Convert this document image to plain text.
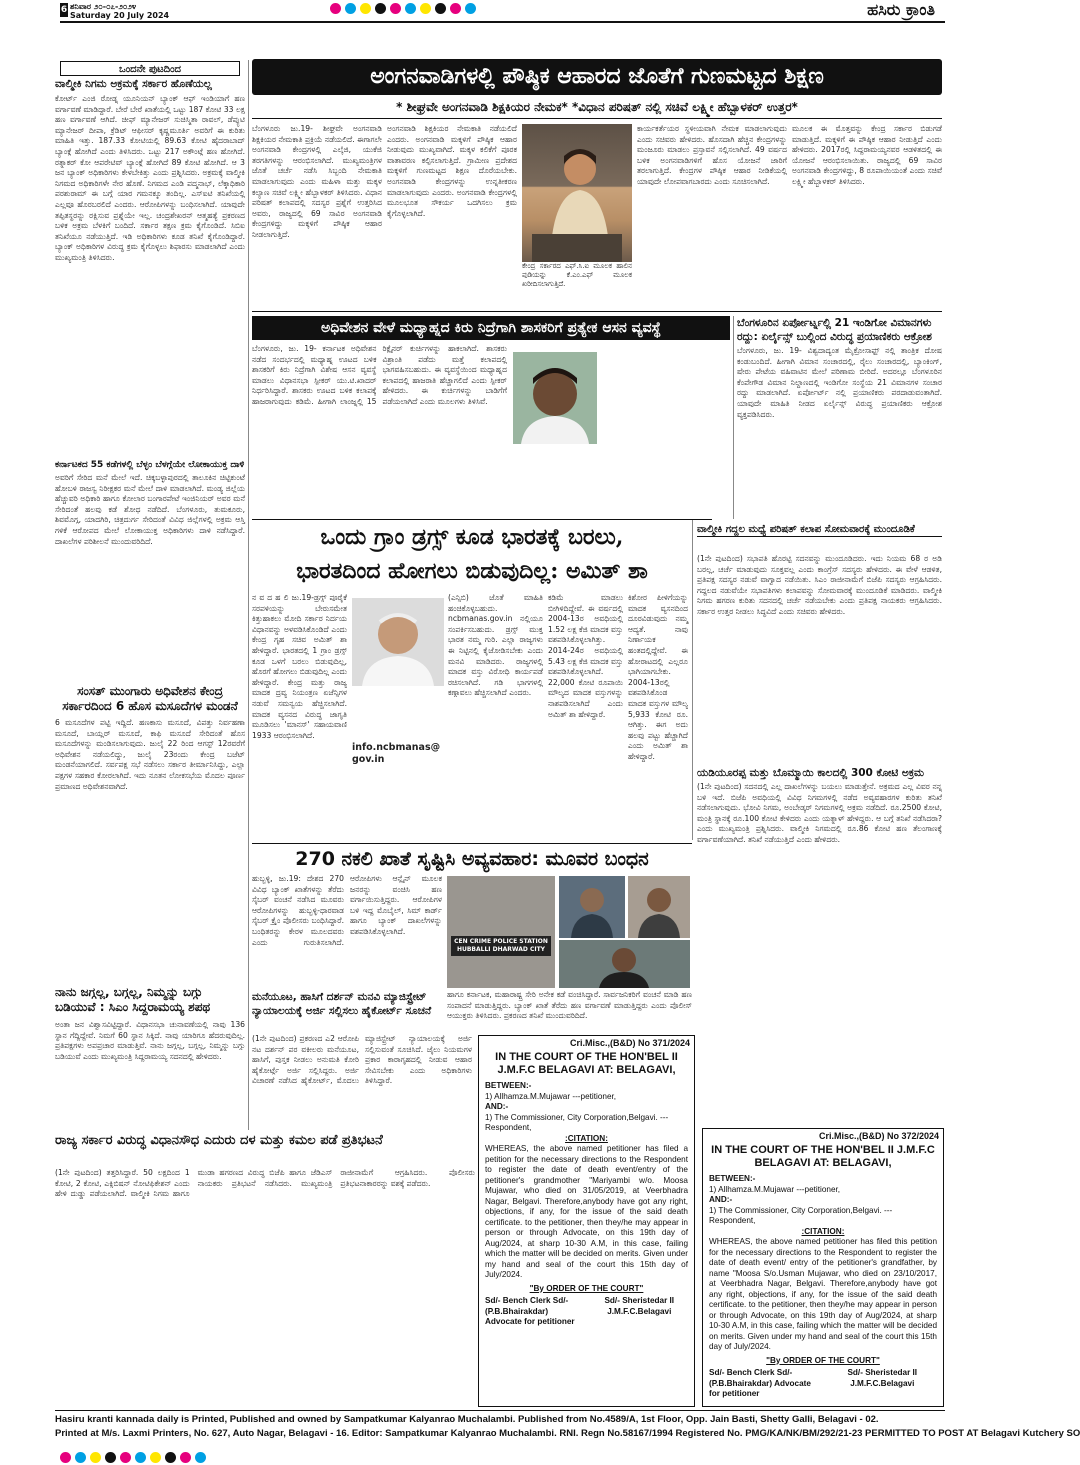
6 ಶನಿವಾರ ೨೦-೦೭-೨೦೨೪
Saturday 20 July 2024	ಹಸಿರು ಕ್ರಾಂತಿ
ಒಂದನೇ ಪುಟದಿಂದ
ವಾಲ್ಮೀಕಿ ನಿಗಮ ಅಕ್ರಮಕ್ಕೆ ಸರ್ಕಾರ ಹೊಣೆಯಲ್ಲ
ಕೋರ್ಟ್ ಎಂಜಿ ರೋಡ್ನ ಯೂನಿಯನ್ ಬ್ಯಾಂಕ್ ಆಫ್ ಇಂಡಿಯಾಗೆ ಹಣ ವರ್ಗಾವಣೆ ಮಾಡಿದ್ದಾರೆ. ಬೇರೆ ಬೇರೆ ಖಾತೆಯಲ್ಲಿ ಒಟ್ಟು 187 ಕೋಟಿ 33 ಲಕ್ಷ ಹಣ ವರ್ಗಾವಣೆ ಆಗಿದೆ. ಚೀಫ್ ಮ್ಯಾನೇಜರ್ ಸುಚಿಸ್ಮಿತಾ ರಾವಲ್, ಡೆಪ್ಯುಟಿ ಮ್ಯಾನೇಜರ್ ದೀಪಾ, ಕ್ರೆಡಿಟ್ ಆಫೀಸರ್ ಕೃಷ್ಣಮೂರ್ತಿ ಅವರಿಗೆ ಈ ಕುರಿತು ಮಾಹಿತಿ ಇತ್ತು. 187.33 ಕೋಟಿಯಲ್ಲಿ 89.63 ಕೋಟಿ ಹೈದರಾಬಾದ್ ಬ್ಯಾಂಕ್ಗೆ ಹೋಗಿದೆ ಎಂದು ತಿಳಿಸಿದರು. ಒಟ್ಟು 217 ಅಕೌಂಟ್ಗೆ ಹಣ ಹೋಗಿದೆ. ರತ್ನಾಕರ್ ಕೋ ಆಪರೇಟಿವ್ ಬ್ಯಾಂಕ್ಗೆ ಹೋಗಿದೆ 89 ಕೋಟಿ ಹೋಗಿದೆ. ಆ 3 ಜನ ಬ್ಯಾಂಕ್ ಅಧಿಕಾರಿಗಳು ಕೇಳಬೇಕಿತ್ತು ಎಂದು ಪ್ರಶ್ನಿಸಿದರು. ಅಕ್ರಮಕ್ಕೆ ವಾಲ್ಮೀಕಿ ನಿಗಮದ ಅಧಿಕಾರಿಗಳೇ ನೇರ ಹೊಣೆ. ನಿಗಮದ ಎಂಡಿ ಪದ್ಮನಾಭ್, ಲೆಕ್ಕಾಧಿಕಾರಿ ಪರಶುರಾಮ್ ಈ ಬಗ್ಗೆ ಯಾರ ಗಮನಕ್ಕೂ ತಂದಿಲ್ಲ. ಎಸ್ಐಟಿ ತನಿಖೆಯಲ್ಲಿ ಎಲ್ಲವೂ ಹೊರಬರಲಿದೆ ಎಂದರು. ಆರೋಪಿಗಳನ್ನು ಬಂಧಿಸಲಾಗಿದೆ. ಯಾವುದೇ ತಪ್ಪಿತಸ್ಥರನ್ನು ರಕ್ಷಿಸುವ ಪ್ರಶ್ನೆಯೇ ಇಲ್ಲ. ಚಂದ್ರಶೇಖರನ್ ಆತ್ಮಹತ್ಯೆ ಪ್ರಕರಣದ ಬಳಿಕ ಅಕ್ರಮ ಬೆಳಕಿಗೆ ಬಂದಿದೆ. ಸರ್ಕಾರ ತಕ್ಷಣ ಕ್ರಮ ಕೈಗೊಂಡಿದೆ. ಸಿಬಿಐ ತನಿಖೆಯೂ ನಡೆಯುತ್ತಿದೆ. ಇಡಿ ಅಧಿಕಾರಿಗಳು ಕೂಡ ತನಿಖೆ ಕೈಗೊಂಡಿದ್ದಾರೆ. ಬ್ಯಾಂಕ್ ಅಧಿಕಾರಿಗಳ ವಿರುದ್ಧ ಕ್ರಮ ಕೈಗೊಳ್ಳಲು ಶಿಫಾರಸು ಮಾಡಲಾಗಿದೆ ಎಂದು ಮುಖ್ಯಮಂತ್ರಿ ತಿಳಿಸಿದರು.
ಕರ್ನಾಟಕದ 55 ಕಡೆಗಳಲ್ಲಿ ಬೆಳ್ಳಂ ಬೆಳಗ್ಗೆಯೇ ಲೋಕಾಯುಕ್ತ ದಾಳಿ
ಅವರಿಗೆ ಸೇರಿದ ಮನೆ ಮೇಲೆ ಇದೆ. ಚಿಕ್ಕಬಳ್ಳಾಪುರದಲ್ಲಿ ತಾಲೂಕಿನ ಚಿಟ್ಟಿಕುಂಟೆ ಹೋಬಳಿ ರಾಜಸ್ವ ನಿರೀಕ್ಷಕರ ಮನೆ ಮೇಲೆ ದಾಳಿ ಮಾಡಲಾಗಿದೆ. ಮಂಡ್ಯ ಜಿಲ್ಲೆಯ ಹೆಚ್ಚುವರಿ ಅಧಿಕಾರಿ ಹಾಗೂ ಕೋಲಾರ ಬಂಗಾರಪೇಟೆ ಇಂಜಿನಿಯರ್ ಅವರ ಮನೆ ಸೇರಿದಂತೆ ಹಲವು ಕಡೆ ಶೋಧ ನಡೆದಿದೆ. ಬೆಂಗಳೂರು, ತುಮಕೂರು, ಶಿವಮೊಗ್ಗ, ಯಾದಗಿರಿ, ಚಿತ್ರದುರ್ಗ ಸೇರಿದಂತೆ ವಿವಿಧ ಜಿಲ್ಲೆಗಳಲ್ಲಿ ಅಕ್ರಮ ಆಸ್ತಿ ಗಳಿಕೆ ಆರೋಪದ ಮೇಲೆ ಲೋಕಾಯುಕ್ತ ಅಧಿಕಾರಿಗಳು ದಾಳಿ ನಡೆಸಿದ್ದಾರೆ. ದಾಖಲೆಗಳ ಪರಿಶೀಲನೆ ಮುಂದುವರಿದಿದೆ.
ಸಂಸತ್ ಮುಂಗಾರು ಅಧಿವೇಶನ ಕೇಂದ್ರ ಸರ್ಕಾರದಿಂದ 6 ಹೊಸ ಮಸೂದೆಗಳ ಮಂಡನೆ
6 ಮಸೂದೆಗಳ ಪಟ್ಟಿ ಇದ್ದಿದೆ. ಹಣಕಾಸು ಮಸೂದೆ, ವಿಪತ್ತು ನಿರ್ವಹಣಾ ಮಸೂದೆ, ಬಾಯ್ಲರ್ ಮಸೂದೆ, ಕಾಫಿ ಮಸೂದೆ ಸೇರಿದಂತೆ ಹೊಸ ಮಸೂದೆಗಳನ್ನು ಮಂಡಿಸಲಾಗುವುದು. ಜುಲೈ 22 ರಿಂದ ಆಗಸ್ಟ್ 12ರವರೆಗೆ ಅಧಿವೇಶನ ನಡೆಯಲಿದ್ದು, ಜುಲೈ 23ರಂದು ಕೇಂದ್ರ ಬಜೆಟ್ ಮಂಡನೆಯಾಗಲಿದೆ. ಸರ್ವಪಕ್ಷ ಸಭೆ ನಡೆಸಲು ಸರ್ಕಾರ ತೀರ್ಮಾನಿಸಿದ್ದು, ಎಲ್ಲಾ ಪಕ್ಷಗಳ ಸಹಕಾರ ಕೋರಲಾಗಿದೆ. ಇದು ನೂತನ ಲೋಕಸಭೆಯ ಮೊದಲ ಪೂರ್ಣ ಪ್ರಮಾಣದ ಅಧಿವೇಶನವಾಗಿದೆ.
ನಾನು ಜಗ್ಗಲ್ಲ, ಬಗ್ಗಲ್ಲ, ನಿಮ್ಮನ್ನು ಬಗ್ಗು ಬಡಿಯುವೆ : ಸಿಎಂ ಸಿದ್ದರಾಮಯ್ಯ ಶಪಥ
ಅಂತಾ ಜನ ವಿಶ್ವಾಸವಿಟ್ಟಿದ್ದಾರೆ. ವಿಧಾನಸಭಾ ಚುನಾವಣೆಯಲ್ಲಿ ನಾವು 136 ಸ್ಥಾನ ಗೆದ್ದಿದ್ದೇವೆ. ನಿಮಗೆ 60 ಸ್ಥಾನ ಸಿಕ್ಕಿದೆ. ನಾವು ಯಾರಿಗೂ ಹೆದರುವುದಿಲ್ಲ. ಪ್ರತಿಪಕ್ಷಗಳು ಅಪಪ್ರಚಾರ ಮಾಡುತ್ತಿವೆ. ನಾನು ಜಗ್ಗಲ್ಲ, ಬಗ್ಗಲ್ಲ, ನಿಮ್ಮನ್ನು ಬಗ್ಗು ಬಡಿಯುವೆ ಎಂದು ಮುಖ್ಯಮಂತ್ರಿ ಸಿದ್ದರಾಮಯ್ಯ ಸದನದಲ್ಲಿ ಹೇಳಿದರು.
ರಾಜ್ಯ ಸರ್ಕಾರ ವಿರುದ್ಧ ವಿಧಾನಸೌಧ ಎದುರು ದಳ ಮತ್ತು ಕಮಲ ಪಡೆ ಪ್ರತಿಭಟನೆ
(1ನೇ ಪುಟದಿಂದ) ತತ್ತರಿಸಿದ್ದಾರೆ. 50 ಲಕ್ಷದಿಂದ 1 ಕೋಟಿ, 2 ಕೋಟಿ, ಎಕ್ಸಿಬಿಷನ್ ನೋಟಿಫಿಕೇಶನ್ ಎಂದು ಹೇಳಿ ದುಡ್ಡು ಪಡೆಯಲಾಗಿದೆ. ವಾಲ್ಮೀಕಿ ನಿಗಮ ಹಾಗೂ ಮುಡಾ ಹಗರಣದ ವಿರುದ್ಧ ಬಿಜೆಪಿ ಹಾಗೂ ಜೆಡಿಎಸ್ ನಾಯಕರು ಪ್ರತಿಭಟನೆ ನಡೆಸಿದರು. ಮುಖ್ಯಮಂತ್ರಿ ರಾಜೀನಾಮೆಗೆ ಆಗ್ರಹಿಸಿದರು. ಪೊಲೀಸರು ಪ್ರತಿಭಟನಾಕಾರರನ್ನು ವಶಕ್ಕೆ ಪಡೆದರು.
ಅಂಗನವಾಡಿಗಳಲ್ಲಿ ಪೌಷ್ಠಿಕ ಆಹಾರದ ಜೊತೆಗೆ ಗುಣಮಟ್ಟದ ಶಿಕ್ಷಣ
* ಶೀಘ್ರವೇ ಅಂಗನವಾಡಿ ಶಿಕ್ಷಕಿಯರ ನೇಮಕ* *ವಿಧಾನ ಪರಿಷತ್ ನಲ್ಲಿ ಸಚಿವೆ ಲಕ್ಷ್ಮೀ ಹೆಬ್ಬಾಳಕರ್ ಉತ್ತರ*
ಬೆಂಗಳೂರು ಜು.19- ಶೀಘ್ರವೇ ಅಂಗನವಾಡಿ ಶಿಕ್ಷಕಿಯರ ನೇಮಕಾತಿ ಪ್ರಕ್ರಿಯೆ ನಡೆಯಲಿದೆ. ಈಗಾಗಲೇ ಅಂಗನವಾಡಿ ಕೇಂದ್ರಗಳಲ್ಲಿ ಎಲ್ಕೆಜಿ, ಯುಕೆಜಿ ತರಗತಿಗಳನ್ನು ಆರಂಭಿಸಲಾಗಿದೆ. ಮುಖ್ಯಮಂತ್ರಿಗಳ ಜೊತೆ ಚರ್ಚೆ ನಡೆಸಿ ಸಿಬ್ಬಂದಿ ನೇಮಕಾತಿ ಮಾಡಲಾಗುವುದು ಎಂದು ಮಹಿಳಾ ಮತ್ತು ಮಕ್ಕಳ ಕಲ್ಯಾಣ ಸಚಿವೆ ಲಕ್ಷ್ಮೀ ಹೆಬ್ಬಾಳಕರ್ ತಿಳಿಸಿದರು. ವಿಧಾನ ಪರಿಷತ್ ಕಲಾಪದಲ್ಲಿ ಸದಸ್ಯರ ಪ್ರಶ್ನೆಗೆ ಉತ್ತರಿಸಿದ ಅವರು, ರಾಜ್ಯದಲ್ಲಿ 69 ಸಾವಿರ ಅಂಗನವಾಡಿ ಕೇಂದ್ರಗಳಿದ್ದು ಮಕ್ಕಳಿಗೆ ಪೌಷ್ಠಿಕ ಆಹಾರ ನೀಡಲಾಗುತ್ತಿದೆ.
ಅಂಗನವಾಡಿ ಶಿಕ್ಷಕಿಯರ ನೇಮಕಾತಿ ನಡೆಯಲಿದೆ ಎಂದರು. ಅಂಗನವಾಡಿ ಮಕ್ಕಳಿಗೆ ಪೌಷ್ಠಿಕ ಆಹಾರ ನೀಡುವುದು ಮುಖ್ಯವಾಗಿದೆ. ಮಕ್ಕಳ ಕಲಿಕೆಗೆ ಪೂರಕ ವಾತಾವರಣ ಕಲ್ಪಿಸಲಾಗುತ್ತಿದೆ. ಗ್ರಾಮೀಣ ಪ್ರದೇಶದ ಮಕ್ಕಳಿಗೆ ಗುಣಮಟ್ಟದ ಶಿಕ್ಷಣ ದೊರೆಯಬೇಕು. ಅಂಗನವಾಡಿ ಕೇಂದ್ರಗಳನ್ನು ಉನ್ನತೀಕರಣ ಮಾಡಲಾಗುವುದು ಎಂದರು. ಅಂಗನವಾಡಿ ಕೇಂದ್ರಗಳಲ್ಲಿ ಮೂಲಭೂತ ಸೌಕರ್ಯ ಒದಗಿಸಲು ಕ್ರಮ ಕೈಗೊಳ್ಳಲಾಗಿದೆ.
ಕೇಂದ್ರ ಸರ್ಕಾರದ ಎಫ್.ಸಿ.ಐ ಮೂಲಕ ಹಾಲಿನ ಪುಡಿಯನ್ನು ಕೆ.ಎಂ.ಎಫ್ ಮೂಲಕ ಖರೀದಿಸಲಾಗುತ್ತಿದೆ.
ಕಾರ್ಯಕರ್ತೆಯರ ಸ್ಥಳೀಯವಾಗಿ ನೇಮಕ ಮಾಡಲಾಗುವುದು ಎಂದು ಸಚಿವರು ಹೇಳಿದರು. ಹೊಸದಾಗಿ ಹೆಚ್ಚಿನ ಕೇಂದ್ರಗಳನ್ನು ಮಂಜೂರು ಮಾಡಲು ಪ್ರಸ್ತಾವನೆ ಸಲ್ಲಿಸಲಾಗಿದೆ. 49 ವರ್ಷದ ಬಳಿಕ ಅಂಗನವಾಡಿಗಳಿಗೆ ಹೊಸ ಯೋಜನೆ ಜಾರಿಗೆ ತರಲಾಗುತ್ತಿದೆ. ಕೇಂದ್ರಗಳ ಪೌಷ್ಠಿಕ ಆಹಾರ ನೀಡಿಕೆಯಲ್ಲಿ ಯಾವುದೇ ಲೋಪವಾಗಬಾರದು ಎಂದು ಸೂಚಿಸಲಾಗಿದೆ.
ಮೂಲಕ ಈ ಮೊತ್ತವನ್ನು ಕೇಂದ್ರ ಸರ್ಕಾರ ಬಿಡುಗಡೆ ಮಾಡುತ್ತಿದೆ. ಮಕ್ಕಳಿಗೆ ಈ ಪೌಷ್ಠಿಕ ಆಹಾರ ನೀಡುತ್ತಿದೆ ಎಂದು ಹೇಳಿದರು. 2017ರಲ್ಲಿ ಸಿದ್ದರಾಮಯ್ಯನವರ ಆಡಳಿತದಲ್ಲಿ ಈ ಯೋಜನೆ ಆರಂಭಿಸಲಾಯಿತು. ರಾಜ್ಯದಲ್ಲಿ 69 ಸಾವಿರ ಅಂಗನವಾಡಿ ಕೇಂದ್ರಗಳಿದ್ದು, 8 ರೂಪಾಯಿಯಂತೆ ಎಂದು ಸಚಿವೆ ಲಕ್ಷ್ಮೀ ಹೆಬ್ಬಾಳಕರ್ ತಿಳಿಸಿದರು.
ಅಧಿವೇಶನ ವೇಳೆ ಮಧ್ಯಾಹ್ನದ ಕಿರು ನಿದ್ರೆಗಾಗಿ ಶಾಸಕರಿಗೆ ಪ್ರತ್ಯೇಕ ಆಸನ ವ್ಯವಸ್ಥೆ
ಬೆಂಗಳೂರು, ಜು. 19- ಕರ್ನಾಟಕ ಅಧಿವೇಶನ ನಡೆದ ಸಂದರ್ಭದಲ್ಲಿ ಮಧ್ಯಾಹ್ನ ಊಟದ ಬಳಿಕ ಶಾಸಕರಿಗೆ ಕಿರು ನಿದ್ರೆಗಾಗಿ ವಿಶೇಷ ಆಸನ ವ್ಯವಸ್ಥೆ ಮಾಡಲು ವಿಧಾನಸಭಾ ಸ್ಪೀಕರ್ ಯು.ಟಿ.ಖಾದರ್ ನಿರ್ಧರಿಸಿದ್ದಾರೆ. ಶಾಸಕರು ಊಟದ ಬಳಿಕ ಕಲಾಪಕ್ಕೆ ಹಾಜರಾಗುವುದು ಕಡಿಮೆ. ಹೀಗಾಗಿ ಲಾಂಜ್ನಲ್ಲಿ 15 ರಿಕ್ಲೈನರ್ ಕುರ್ಚಿಗಳನ್ನು ಹಾಕಲಾಗಿದೆ. ಶಾಸಕರು ವಿಶ್ರಾಂತಿ ಪಡೆದು ಮತ್ತೆ ಕಲಾಪದಲ್ಲಿ ಭಾಗವಹಿಸಬಹುದು. ಈ ವ್ಯವಸ್ಥೆಯಿಂದ ಮಧ್ಯಾಹ್ನದ ಕಲಾಪದಲ್ಲಿ ಹಾಜರಾತಿ ಹೆಚ್ಚಾಗಲಿದೆ ಎಂದು ಸ್ಪೀಕರ್ ಹೇಳಿದರು. ಈ ಕುರ್ಚಿಗಳನ್ನು ಬಾಡಿಗೆಗೆ ಪಡೆಯಲಾಗಿದೆ ಎಂದು ಮೂಲಗಳು ತಿಳಿಸಿವೆ.
ಬೆಂಗಳೂರಿನ ಏರ್ಪೋರ್ಟ್ನಲ್ಲಿ 21 ಇಂಡಿಗೋ ವಿಮಾನಗಳು ರದ್ದು: ಏರ್ಲೈನ್ಸ್ ಬುಲ್ಲಿಂದ ವಿರುದ್ಧ ಪ್ರಯಾಣಿಕರು ಆಕ್ರೋಶ
ಬೆಂಗಳೂರು, ಜು. 19- ವಿಶ್ವದಾದ್ಯಂತ ಮೈಕ್ರೋಸಾಫ್ಟ್ ನಲ್ಲಿ ತಾಂತ್ರಿಕ ದೋಷ ಕಂಡುಬಂದಿದೆ. ಹೀಗಾಗಿ ವಿಮಾನ ಸಂಚಾರದಲ್ಲಿ, ರೈಲು ಸಂಚಾರದಲ್ಲಿ, ಬ್ಯಾಂಕಿಂಗ್, ಷೇರು ಪೇಟೆಯ ವಹಿವಾಟಿನ ಮೇಲೆ ಪರಿಣಾಮ ಬೀರಿದೆ. ಅದರಲ್ಲೂ ಬೆಂಗಳೂರಿನ ಕೆಂಪೇಗೌಡ ವಿಮಾನ ನಿಲ್ದಾಣದಲ್ಲಿ ಇಂಡಿಗೋ ಸಂಸ್ಥೆಯ 21 ವಿಮಾನಗಳ ಸಂಚಾರ ರದ್ದು ಮಾಡಲಾಗಿದೆ. ಏರ್ಪೋರ್ಟ್ ನಲ್ಲಿ ಪ್ರಯಾಣಿಕರು ಪರದಾಡುವಂತಾಗಿದೆ. ಯಾವುದೇ ಮಾಹಿತಿ ನೀಡದ ಏರ್ಲೈನ್ಸ್ ವಿರುದ್ಧ ಪ್ರಯಾಣಿಕರು ಆಕ್ರೋಶ ವ್ಯಕ್ತಪಡಿಸಿದರು.
ಒಂದು ಗ್ರಾಂ ಡ್ರಗ್ಸ್ ಕೂಡ ಭಾರತಕ್ಕೆ ಬರಲು,
ಭಾರತದಿಂದ ಹೋಗಲು ಬಿಡುವುದಿಲ್ಲ: ಅಮಿತ್ ಶಾ
ನ ವ ದ ಹ ಲಿ ಜು.19-ಡ್ರಗ್ಸ್ ಪೂರೈಕೆ ಸರಪಳಿಯನ್ನು ಬೇರುಸಮೇತ ಕಿತ್ತುಹಾಕಲು ಮೋದಿ ಸರ್ಕಾರ ನಿರ್ದಯ ವಿಧಾನವನ್ನು ಅಳವಡಿಸಿಕೊಂಡಿದೆ ಎಂದು ಕೇಂದ್ರ ಗೃಹ ಸಚಿವ ಅಮಿತ್ ಶಾ ಹೇಳಿದ್ದಾರೆ. ಭಾರತದಲ್ಲಿ 1 ಗ್ರಾಂ ಡ್ರಗ್ಸ್ ಕೂಡ ಒಳಗೆ ಬರಲು ಬಿಡುವುದಿಲ್ಲ, ಹೊರಗೆ ಹೋಗಲು ಬಿಡುವುದಿಲ್ಲ ಎಂದು ಹೇಳಿದ್ದಾರೆ. ಕೇಂದ್ರ ಮತ್ತು ರಾಜ್ಯ ಮಾದಕ ದ್ರವ್ಯ ನಿಯಂತ್ರಣ ಏಜೆನ್ಸಿಗಳ ನಡುವೆ ಸಮನ್ವಯ ಹೆಚ್ಚಿಸಲಾಗಿದೆ. ಮಾದಕ ವ್ಯಸನದ ವಿರುದ್ಧ ಜಾಗೃತಿ ಮೂಡಿಸಲು 'ಮಾನಸ್' ಸಹಾಯವಾಣಿ 1933 ಆರಂಭಿಸಲಾಗಿದೆ.
info.ncbmanas@gov.in
(ಎನ್ಸಿಬಿ) ಜೊತೆ ಮಾಹಿತಿ ಹಂಚಿಕೊಳ್ಳಬಹುದು. ncbmanas.gov.in ನಲ್ಲಿಯೂ ಸಂಪರ್ಕಿಸಬಹುದು. ಡ್ರಗ್ಸ್ ಮುಕ್ತ ಭಾರತ ನಮ್ಮ ಗುರಿ. ಎಲ್ಲಾ ರಾಜ್ಯಗಳು ಈ ನಿಟ್ಟಿನಲ್ಲಿ ಕೈಜೋಡಿಸಬೇಕು ಎಂದು ಮನವಿ ಮಾಡಿದರು. ರಾಜ್ಯಗಳಲ್ಲಿ ಮಾದಕ ವಸ್ತು ವಿರೋಧಿ ಕಾರ್ಯಪಡೆ ರಚಿಸಲಾಗಿದೆ. ಗಡಿ ಭಾಗಗಳಲ್ಲಿ ಕಣ್ಗಾವಲು ಹೆಚ್ಚಿಸಲಾಗಿದೆ ಎಂದರು.
ಕಡಿಮೆ ಮಾಡಲು ಬೀಗಿಳಿದಿದ್ದೇವೆ. ಈ ವರ್ಷದಲ್ಲಿ 2004-13ರ ಅವಧಿಯಲ್ಲಿ 1.52 ಲಕ್ಷ ಕೆಜಿ ಮಾದಕ ವಸ್ತು ವಶಪಡಿಸಿಕೊಳ್ಳಲಾಗಿತ್ತು. 2014-24ರ ಅವಧಿಯಲ್ಲಿ 5.43 ಲಕ್ಷ ಕೆಜಿ ಮಾದಕ ವಸ್ತು ವಶಪಡಿಸಿಕೊಳ್ಳಲಾಗಿದೆ. 22,000 ಕೋಟಿ ರೂಪಾಯಿ ಮೌಲ್ಯದ ಮಾದಕ ವಸ್ತುಗಳನ್ನು ನಾಶಪಡಿಸಲಾಗಿದೆ ಎಂದು ಅಮಿತ್ ಶಾ ಹೇಳಿದ್ದಾರೆ.
ಕಿಶೋರ ಪೀಳಿಗೆಯನ್ನು ಮಾದಕ ವ್ಯಸನದಿಂದ ದೂರವಿಡುವುದು ನಮ್ಮ ಆದ್ಯತೆ. ನಾವು ನಿರ್ಣಾಯಕ ಹಂತದಲ್ಲಿದ್ದೇವೆ. ಈ ಹೋರಾಟದಲ್ಲಿ ಎಲ್ಲರೂ ಭಾಗಿಯಾಗಬೇಕು. 2004-13ರಲ್ಲಿ ವಶಪಡಿಸಿಕೊಂಡ ಮಾದಕ ವಸ್ತುಗಳ ಮೌಲ್ಯ 5,933 ಕೋಟಿ ರೂ. ಆಗಿತ್ತು. ಈಗ ಅದು ಹಲವು ಪಟ್ಟು ಹೆಚ್ಚಾಗಿದೆ ಎಂದು ಅಮಿತ್ ಶಾ ಹೇಳಿದ್ದಾರೆ.
ವಾಲ್ಮೀಕಿ ಗದ್ದಲ ಮಧ್ಯೆ ಪರಿಷತ್ ಕಲಾಪ ಸೋಮವಾರಕ್ಕೆ ಮುಂದೂಡಿಕೆ
(1ನೇ ಪುಟದಿಂದ) ಸಭಾಪತಿ ಹೊರಟ್ಟಿ ಸದನವನ್ನು ಮುಂದೂಡಿದರು. ಇದು ನಿಯಮ 68 ರ ಅಡಿ ಬರಲ್ಲ, ಚರ್ಚೆ ಮಾಡುವುದು ಸೂಕ್ತವಲ್ಲ ಎಂದು ಕಾಂಗ್ರೆಸ್ ಸದಸ್ಯರು ಹೇಳಿದರು. ಈ ವೇಳೆ ಆಡಳಿತ, ಪ್ರತಿಪಕ್ಷ ಸದಸ್ಯರ ನಡುವೆ ವಾಗ್ವಾದ ನಡೆಯಿತು. ಸಿಎಂ ರಾಜೀನಾಮೆಗೆ ಬಿಜೆಪಿ ಸದಸ್ಯರು ಆಗ್ರಹಿಸಿದರು. ಗದ್ದಲದ ನಡುವೆಯೇ ಸಭಾಪತಿಗಳು ಕಲಾಪವನ್ನು ಸೋಮವಾರಕ್ಕೆ ಮುಂದೂಡಿಕೆ ಮಾಡಿದರು. ವಾಲ್ಮೀಕಿ ನಿಗಮ ಹಗರಣ ಕುರಿತು ಸದನದಲ್ಲಿ ಚರ್ಚೆ ನಡೆಯಬೇಕು ಎಂದು ಪ್ರತಿಪಕ್ಷ ನಾಯಕರು ಆಗ್ರಹಿಸಿದರು. ಸರ್ಕಾರ ಉತ್ತರ ನೀಡಲು ಸಿದ್ಧವಿದೆ ಎಂದು ಸಚಿವರು ಹೇಳಿದರು.
ಯಡಿಯೂರಪ್ಪ ಮತ್ತು ಬೊಮ್ಮಾಯಿ ಕಾಲದಲ್ಲಿ 300 ಕೋಟಿ ಅಕ್ರಮ
(1ನೇ ಪುಟದಿಂದ) ಸದನದಲ್ಲಿ ಎಲ್ಲ ದಾಖಲೆಗಳನ್ನು ಬಯಲು ಮಾಡುತ್ತೇನೆ. ಅಕ್ರಮದ ಎಲ್ಲ ವಿವರ ನನ್ನ ಬಳಿ ಇದೆ. ಬಿಜೆಪಿ ಅವಧಿಯಲ್ಲಿ ವಿವಿಧ ನಿಗಮಗಳಲ್ಲಿ ನಡೆದ ಅವ್ಯವಹಾರಗಳ ಕುರಿತು ತನಿಖೆ ನಡೆಸಲಾಗುವುದು. ಭೋವಿ ನಿಗಮ, ಅಂಬೇಡ್ಕರ್ ನಿಗಮಗಳಲ್ಲಿ ಅಕ್ರಮ ನಡೆದಿದೆ. ರೂ.2500 ಕೋಟಿ, ಮಂತ್ರಿ ಸ್ಥಾನಕ್ಕೆ ರೂ.100 ಕೋಟಿ ಕೇಳಿದರು ಎಂದು ಯತ್ನಾಳ್ ಹೇಳಿದ್ದರು. ಆ ಬಗ್ಗೆ ತನಿಖೆ ನಡೆಸಿದರಾ? ಎಂದು ಮುಖ್ಯಮಂತ್ರಿ ಪ್ರಶ್ನಿಸಿದರು. ವಾಲ್ಮೀಕಿ ನಿಗಮದಲ್ಲಿ ರೂ.86 ಕೋಟಿ ಹಣ ತೆಲಂಗಾಣಕ್ಕೆ ವರ್ಗಾವಣೆಯಾಗಿದೆ. ತನಿಖೆ ನಡೆಯುತ್ತಿದೆ ಎಂದು ಹೇಳಿದರು.
270 ನಕಲಿ ಖಾತೆ ಸೃಷ್ಟಿಸಿ ಅವ್ಯವಹಾರ: ಮೂವರ ಬಂಧನ
ಹುಬ್ಬಳ್ಳಿ, ಜು.19: ದೇಶದ 270 ವಿವಿಧ ಬ್ಯಾಂಕ್ ಖಾತೆಗಳನ್ನು ತೆರೆದು ಸೈಬರ್ ವಂಚನೆ ನಡೆಸಿದ ಮೂವರು ಆರೋಪಿಗಳನ್ನು ಹುಬ್ಬಳ್ಳಿ-ಧಾರವಾಡ ಸೈಬರ್ ಕ್ರೈಂ ಪೊಲೀಸರು ಬಂಧಿಸಿದ್ದಾರೆ. ಬಂಧಿತರನ್ನು ಕೇರಳ ಮೂಲದವರು ಎಂದು ಗುರುತಿಸಲಾಗಿದೆ. ಆರೋಪಿಗಳು ಆನ್ಲೈನ್ ಮೂಲಕ ಜನರನ್ನು ವಂಚಿಸಿ ಹಣ ವರ್ಗಾಯಿಸುತ್ತಿದ್ದರು. ಆರೋಪಿಗಳ ಬಳಿ ಇದ್ದ ಮೊಬೈಲ್, ಸಿಮ್ ಕಾರ್ಡ್ ಹಾಗೂ ಬ್ಯಾಂಕ್ ದಾಖಲೆಗಳನ್ನು ವಶಪಡಿಸಿಕೊಳ್ಳಲಾಗಿದೆ.
CEN CRIME POLICE STATION HUBBALLI DHARWAD CITY
ಹಾಗೂ ಕರ್ನಾಟಕ, ಮಹಾರಾಷ್ಟ್ರ ಸೇರಿ ಅನೇಕ ಕಡೆ ವಂಚಿಸಿದ್ದಾರೆ. ಸಾರ್ವಜನಿಕರಿಗೆ ವಂಚನೆ ಮಾಡಿ ಹಣ ಸಂಪಾದನೆ ಮಾಡುತ್ತಿದ್ದರು. ಬ್ಯಾಂಕ್ ಖಾತೆ ತೆರೆದು ಹಣ ವರ್ಗಾವಣೆ ಮಾಡುತ್ತಿದ್ದರು ಎಂದು ಪೊಲೀಸ್ ಆಯುಕ್ತರು ತಿಳಿಸಿದರು. ಪ್ರಕರಣದ ತನಿಖೆ ಮುಂದುವರಿದಿದೆ.
ಮನೆಯೂಟ, ಹಾಸಿಗೆ ದರ್ಶನ್ ಮನವಿ ಮ್ಯಾಜಿಸ್ಟ್ರೇಟ್ ನ್ಯಾಯಾಲಯಕ್ಕೆ ಅರ್ಜಿ ಸಲ್ಲಿಸಲು ಹೈಕೋರ್ಟ್ ಸೂಚನೆ
(1ನೇ ಪುಟದಿಂದ) ಪ್ರಕರಣದ ಎ2 ಆರೋಪಿ ನಟ ದರ್ಶನ್ ಪರ ವಕೀಲರು ಮನೆಯೂಟ, ಹಾಸಿಗೆ, ಪುಸ್ತಕ ನೀಡಲು ಅನುಮತಿ ಕೋರಿ ಹೈಕೋರ್ಟ್ಗೆ ಅರ್ಜಿ ಸಲ್ಲಿಸಿದ್ದರು. ಅರ್ಜಿ ವಿಚಾರಣೆ ನಡೆಸಿದ ಹೈಕೋರ್ಟ್, ಮೊದಲು ಮ್ಯಾಜಿಸ್ಟ್ರೇಟ್ ನ್ಯಾಯಾಲಯಕ್ಕೆ ಅರ್ಜಿ ಸಲ್ಲಿಸುವಂತೆ ಸೂಚಿಸಿದೆ. ಜೈಲು ನಿಯಮಗಳ ಪ್ರಕಾರ ಕಾರಾಗೃಹದಲ್ಲಿ ನೀಡುವ ಆಹಾರ ಸೇವಿಸಬೇಕು ಎಂದು ಅಧಿಕಾರಿಗಳು ತಿಳಿಸಿದ್ದಾರೆ.
Cri.Misc.,(B&D) No 371/2024
IN THE COURT OF THE HON'BEL II J.M.F.C BELAGAVI AT: BELAGAVI,
BETWEEN:-
1) Allhamza.M.Mujawar ---petitioner,
AND:-
1) The Commissioner, City Corporation,Belgavi. ---Respondent,
:CITATION:
WHEREAS, the above named petitioner has filed a petition for the necessary directions to the Respondent to register the date of death event/entry of the petitioner's grandmother "Mariyambi w/o. Moosa Mujawar, who died on 31/05/2019, at Veerbhadra Nagar, Belgavi. Therefore,anybody have got any right, objections, if any, for the issue of the said death certificate. to the petitioner, then they/he may appear in person or through Advocate, on this 19th day of Aug/2024, at sharp 10-30 A.M, in this case, failing which the matter will be decided on merits. Given under my hand and seal of the court this 15th day of July/2024.
"By ORDER OF THE COURT"
Sd/- Bench Clerk Sd/- (P.B.Bhairakdar) Advocate for petitioner
Sd/- Sheristedar II J.M.F.C.Belagavi
Cri.Misc.,(B&D) No 372/2024
IN THE COURT OF THE HON'BEL II J.M.F.C BELAGAVI AT: BELAGAVI,
BETWEEN:-
1) Allhamza.M.Mujawar ---petitioner,
AND:-
1) The Commissioner, City Corporation,Belgavi. ---Respondent,
:CITATION:
WHEREAS, the above named petitioner has filed this petition for the necessary directions to the Respondent to register the date of death event/ entry of the petitioner's grandfather, by name "Moosa S/o.Usman Mujawar, who died on 23/10/2017, at Veerbhadra Nagar, Belgavi. Therefore,anybody have got any right, objections, if any, for the issue of the said death certificate. to the petitioner, then they/he may appear in person or through Advocate, on this 19th day of Aug/2024, at sharp 10-30 A.M, in this case, failing which the matter will be decided on merits. Given under my hand and seal of the court this 15th day of July/2024.
"By ORDER OF THE COURT"
Sd/- Bench Clerk Sd/- (P.B.Bhairakdar) Advocate for petitioner
Sd/- Sheristedar II J.M.F.C.Belagavi
Hasiru kranti kannada daily is Printed, Published and owned by Sampatkumar Kalyanrao Muchalambi. Published from No.4589/A, 1st Floor, Opp. Jain Basti, Shetty Galli, Belagavi - 02.
Printed at M/s. Laxmi Printers, No. 627, Auto Nagar, Belagavi - 16. Editor: Sampatkumar Kalyanrao Muchalambi. RNI. Regn No.58167/1994 Registered No. PMG/KA/NK/BM/292/21-23 PERMITTED TO POST AT Belagavi Kutchery SO
